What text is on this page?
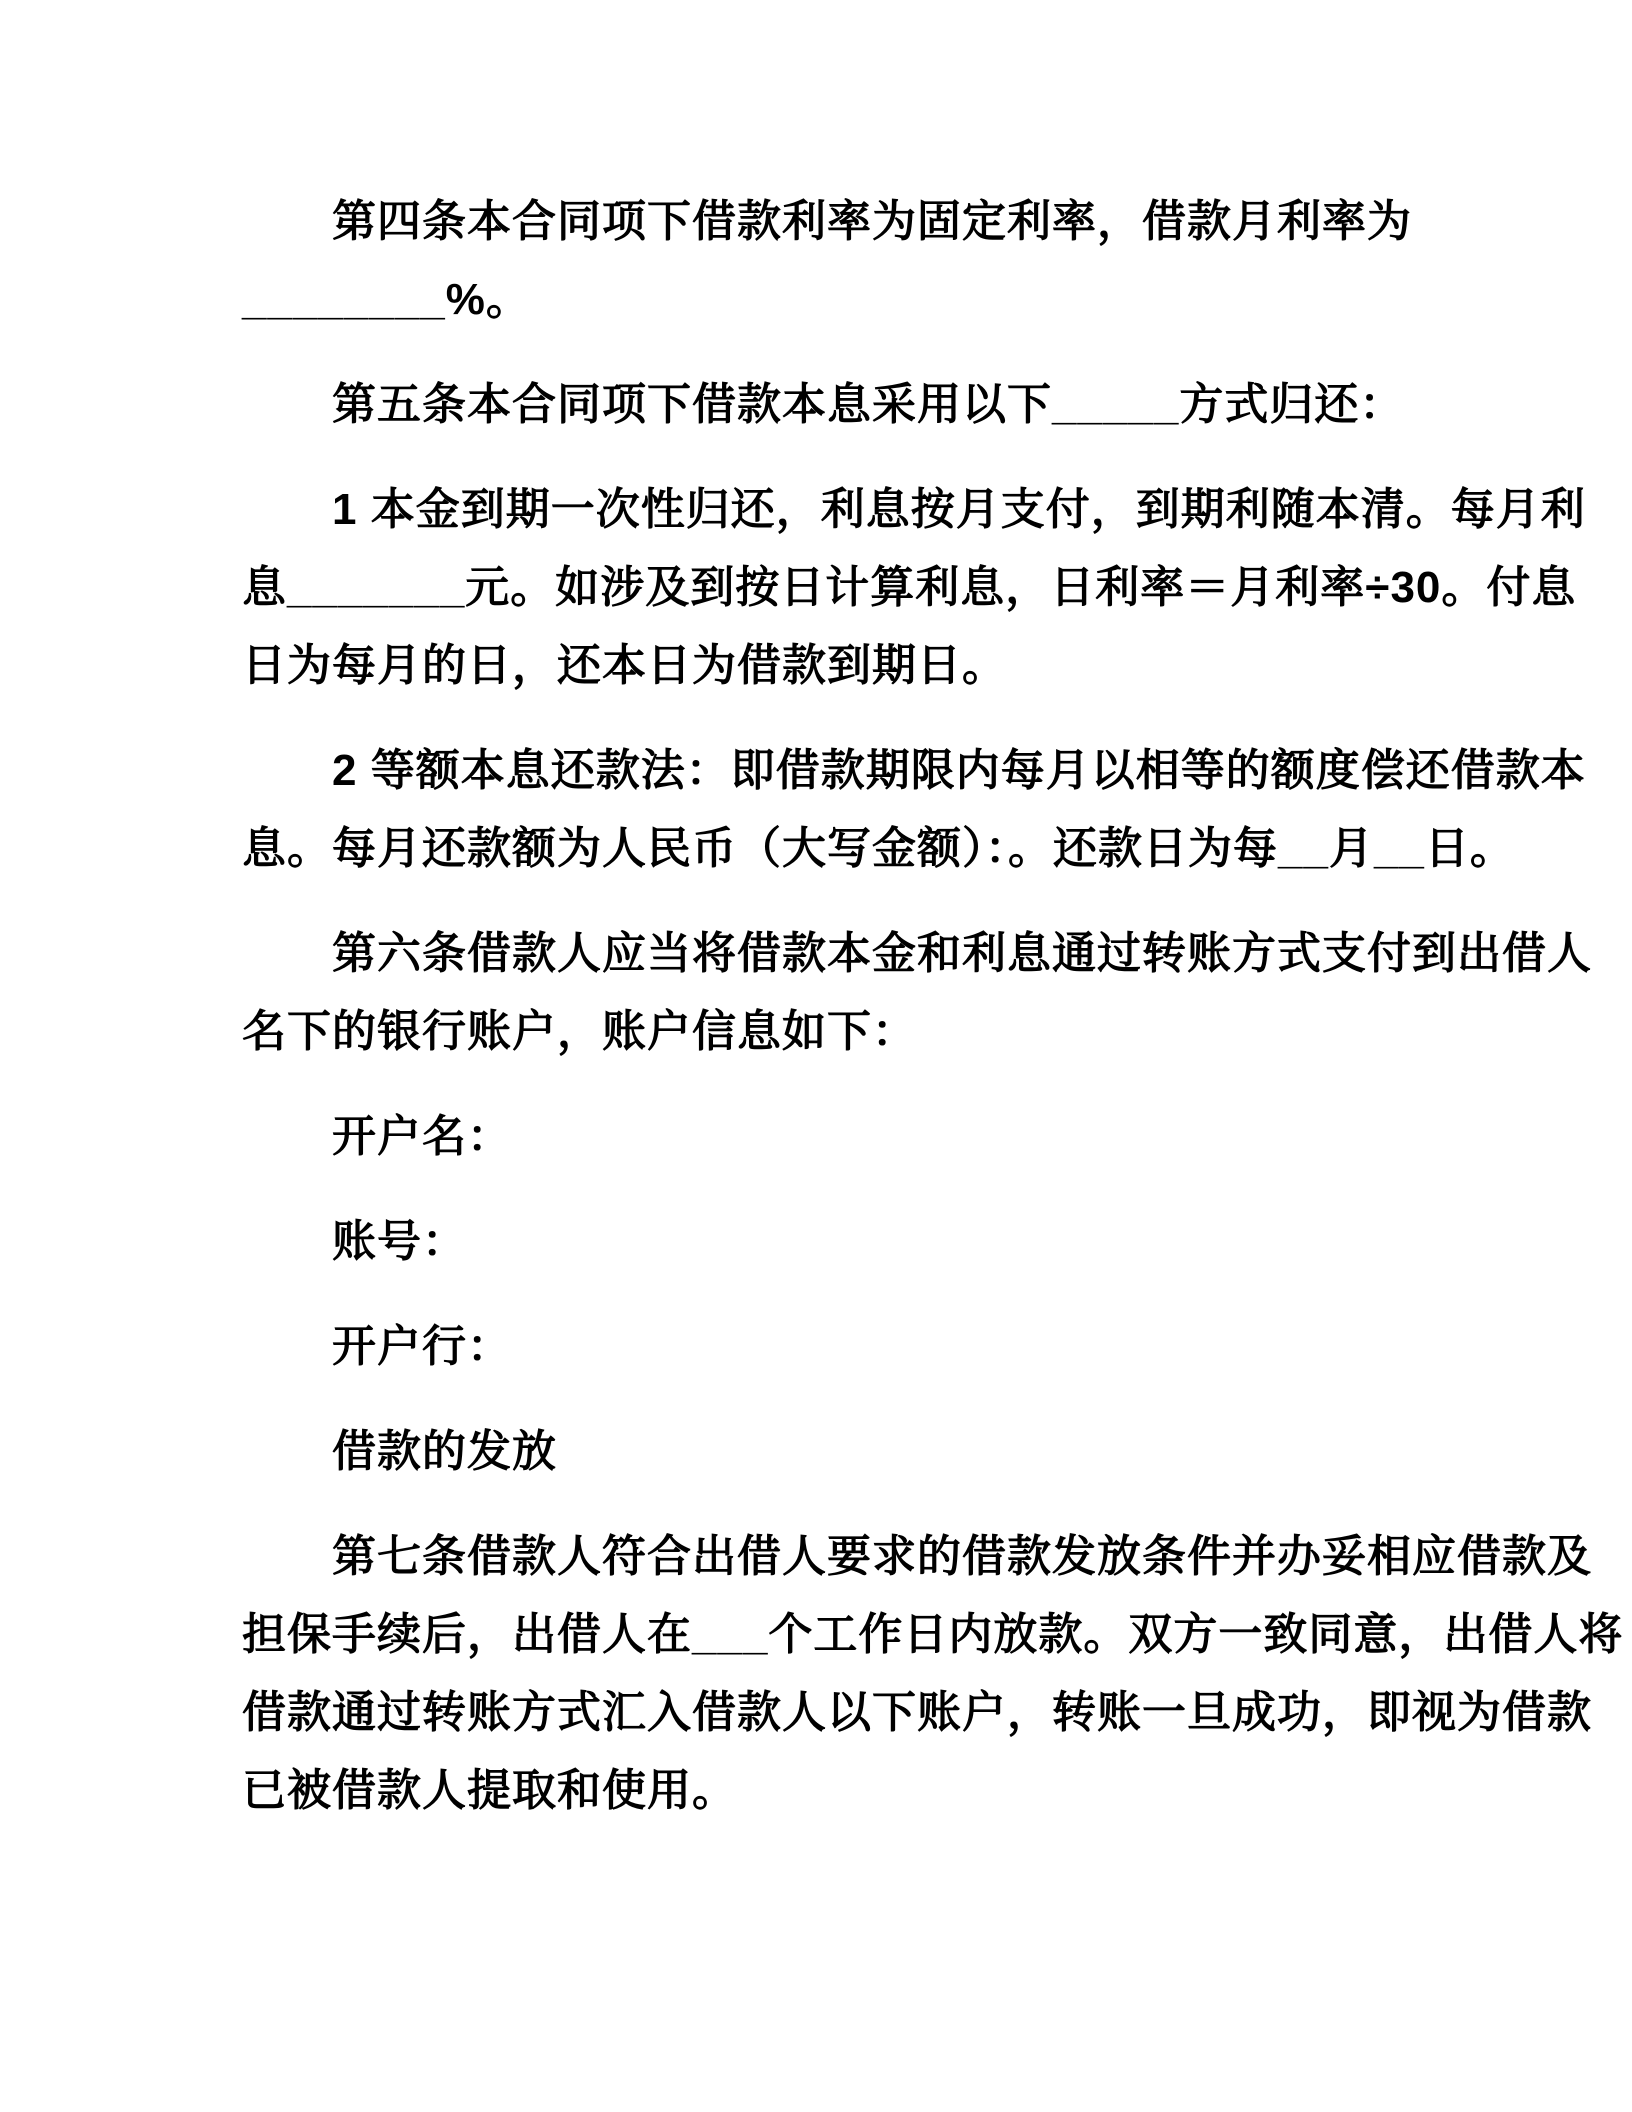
第四条本合同项下借款利率为固定利率，借款月利率为
________%。
第五条本合同项下借款本息采用以下_____方式归还：
1 本金到期一次性归还，利息按月支付，到期利随本清。每月利
息_______元。如涉及到按日计算利息，日利率＝月利率÷30。付息
日为每月的日，还本日为借款到期日。
2 等额本息还款法：即借款期限内每月以相等的额度偿还借款本
息。每月还款额为人民币（大写金额）：。还款日为每__月__日。
第六条借款人应当将借款本金和利息通过转账方式支付到出借人
名下的银行账户，账户信息如下：
开户名：
账号：
开户行：
借款的发放
第七条借款人符合出借人要求的借款发放条件并办妥相应借款及
担保手续后，出借人在___个工作日内放款。双方一致同意，出借人将
借款通过转账方式汇入借款人以下账户，转账一旦成功，即视为借款
已被借款人提取和使用。
